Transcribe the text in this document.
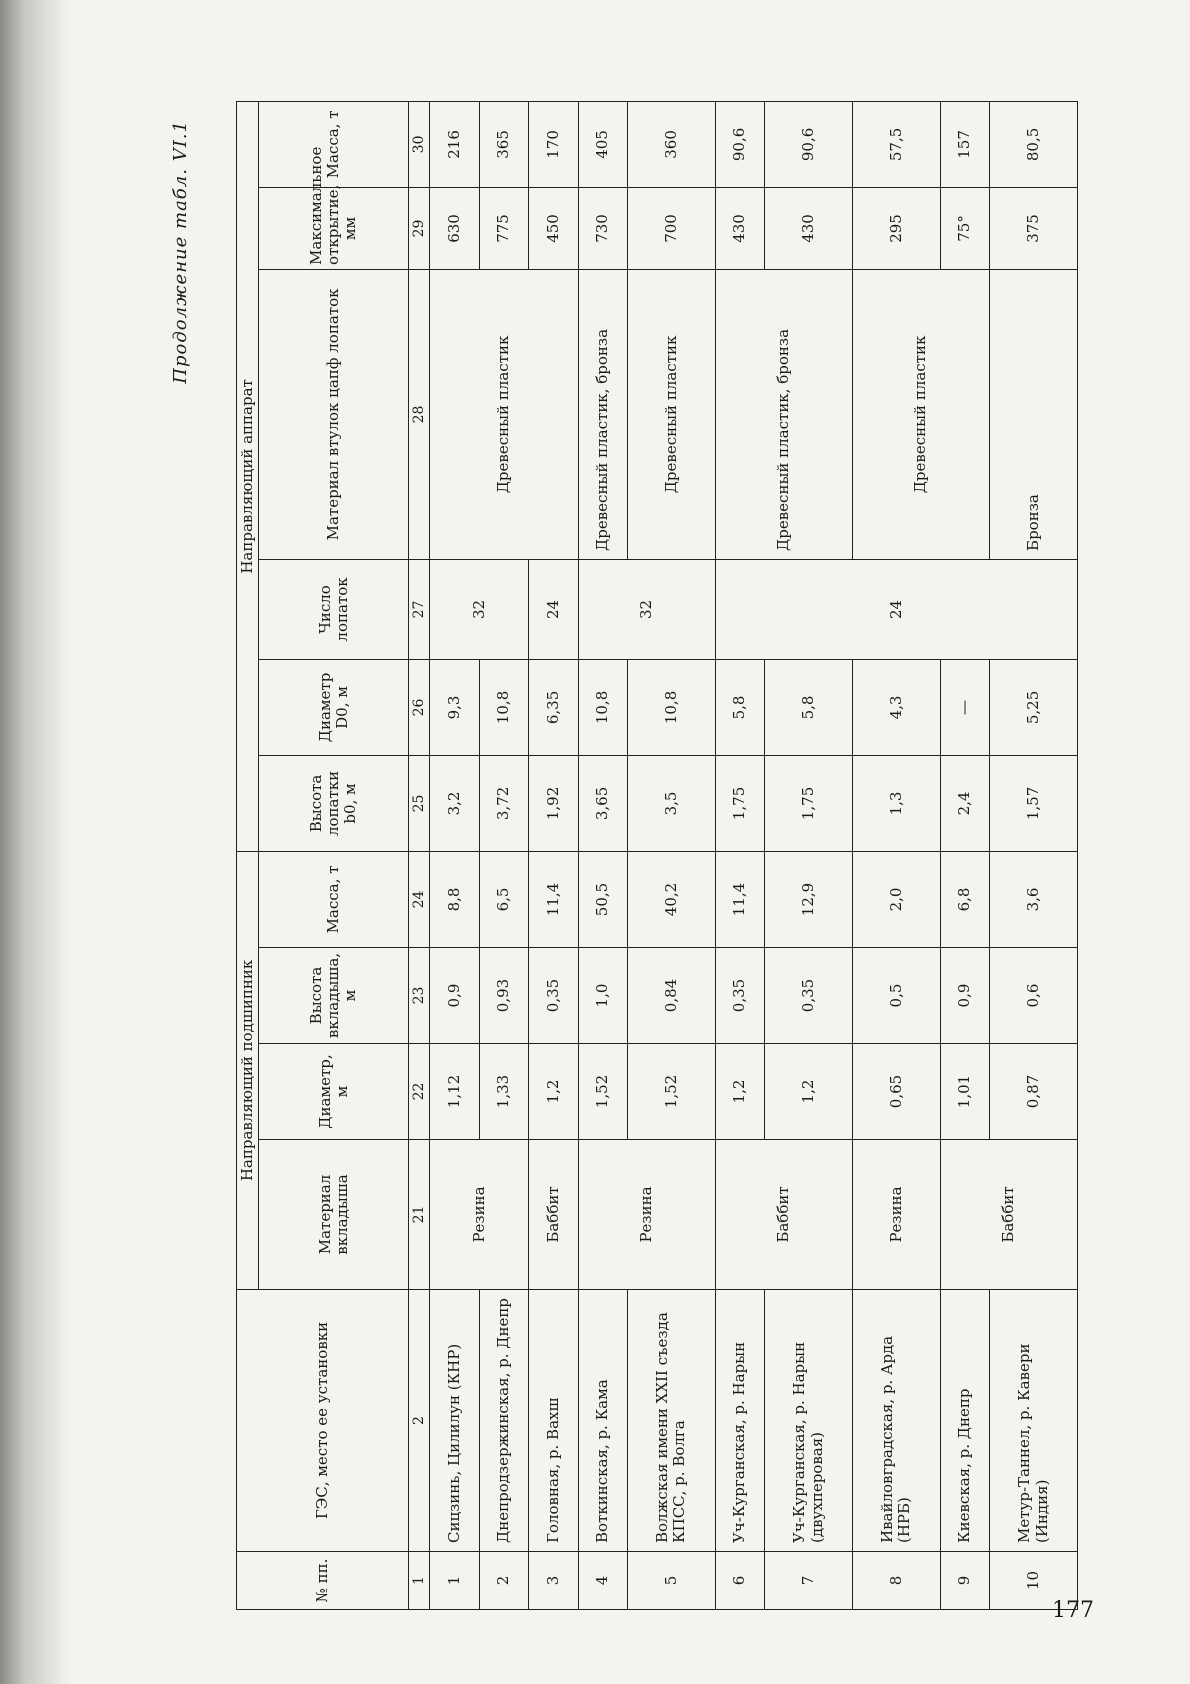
Продолжение табл. VI.1
№ пп.	ГЭС, место ее установки	Направляющий подшипник				Направляющий аппарат					
		Материал вкладыша	Диаметр, м	Высота вкладыша, м	Масса, т	Высота лопатки b0, м	Диаметр D0, м	Число лопаток	Материал втулок цапф лопаток	Максимальное открытие, мм	Масса, т
1	2	21	22	23	24	25	26	27	28	29	30
1	Сицзинь, Цилилун (КНР)	Резина	1,12	0,9	8,8	3,2	9,3	32	Древесный пластик	630	216
2	Днепродзержинская, р. Днепр		1,33	0,93	6,5	3,72	10,8			775	365
3	Головная, р. Вахш	Баббит	1,2	0,35	11,4	1,92	6,35	24		450	170
4	Воткинская, р. Кама	Резина	1,52	1,0	50,5	3,65	10,8	32	Древесный пластик, бронза	730	405
5	Волжская имени XXII съезда КПСС, р. Волга		1,52	0,84	40,2	3,5	10,8		Древесный пластик	700	360
6	Уч-Курганская, р. Нарын	Баббит	1,2	0,35	11,4	1,75	5,8	24	Древесный пластик, бронза	430	90,6
7	Уч-Курганская, р. Нарын (двухперовая)		1,2	0,35	12,9	1,75	5,8			430	90,6
8	Ивайловградская, р. Арда (НРБ)	Резина	0,65	0,5	2,0	1,3	4,3		Древесный пластик	295	57,5
9	Киевская, р. Днепр	Баббит	1,01	0,9	6,8	2,4	—			75°	157
10	Метур-Таннел, р. Кавери (Индия)		0,87	0,6	3,6	1,57	5,25		Бронза	375	80,5
177
